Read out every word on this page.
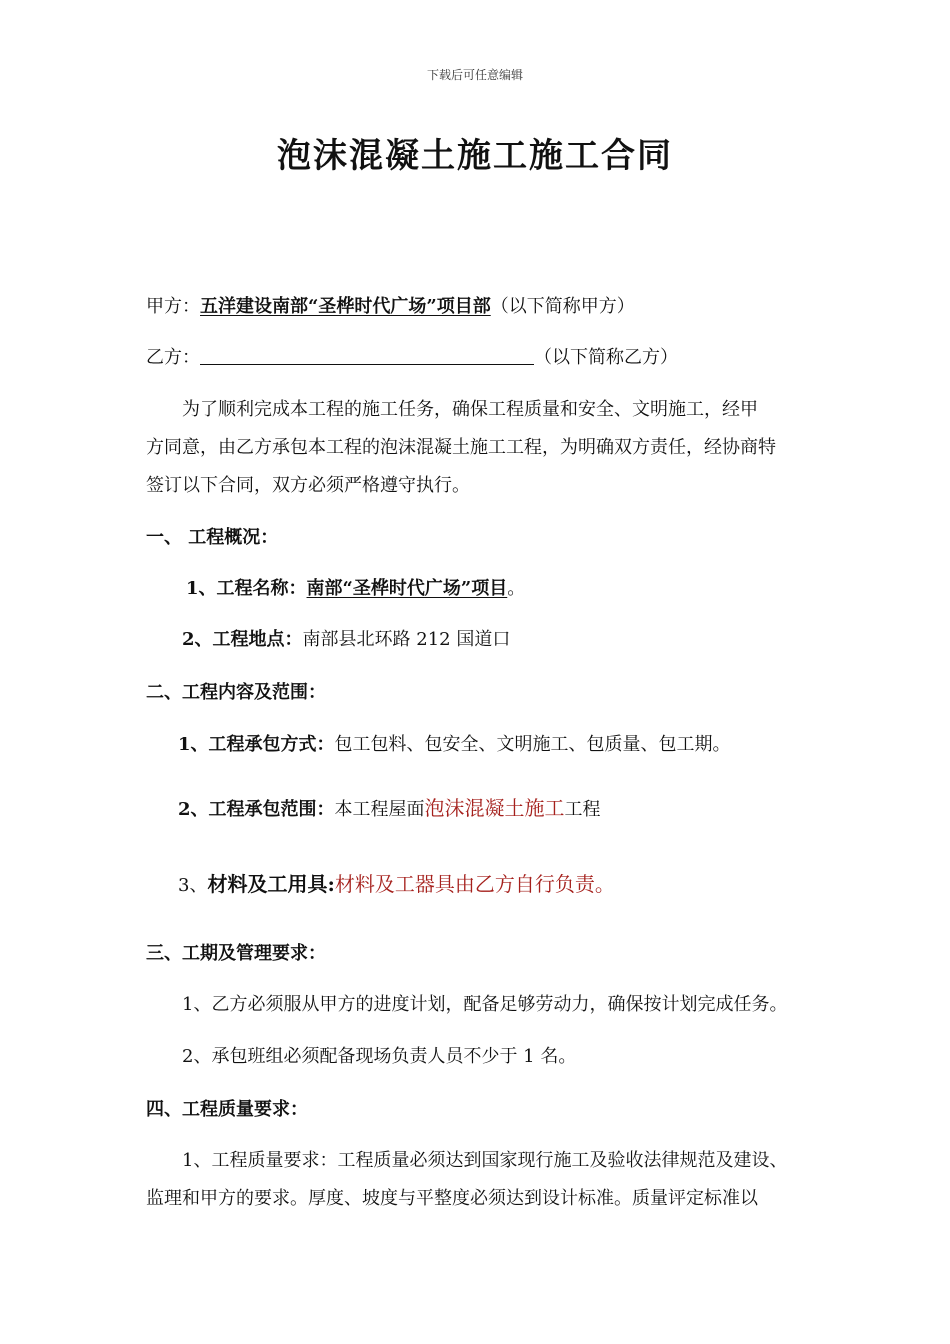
下载后可任意编辑
泡沫混凝土施工施工合同
甲方：五洋建设南部“圣桦时代广场”项目部（以下简称甲方）
乙方：	（以下简称乙方）
为了顺利完成本工程的施工任务，确保工程质量和安全、文明施工，经甲
方同意，由乙方承包本工程的泡沫混凝土施工工程，为明确双方责任，经协商特
签订以下合同，双方必须严格遵守执行。
一、 工程概况：
1、工程名称：南部“圣桦时代广场”项目。
2、工程地点：南部县北环路 212 国道口
二、工程内容及范围：
1、工程承包方式：包工包料、包安全、文明施工、包质量、包工期。
2、工程承包范围：本工程屋面泡沫混凝土施工工程
3、材料及工用具:材料及工器具由乙方自行负责。
三、工期及管理要求：
1、乙方必须服从甲方的进度计划，配备足够劳动力，确保按计划完成任务。
2、承包班组必须配备现场负责人员不少于 1 名。
四、工程质量要求：
1、工程质量要求：工程质量必须达到国家现行施工及验收法律规范及建设、
监理和甲方的要求。厚度、坡度与平整度必须达到设计标准。质量评定标准以
